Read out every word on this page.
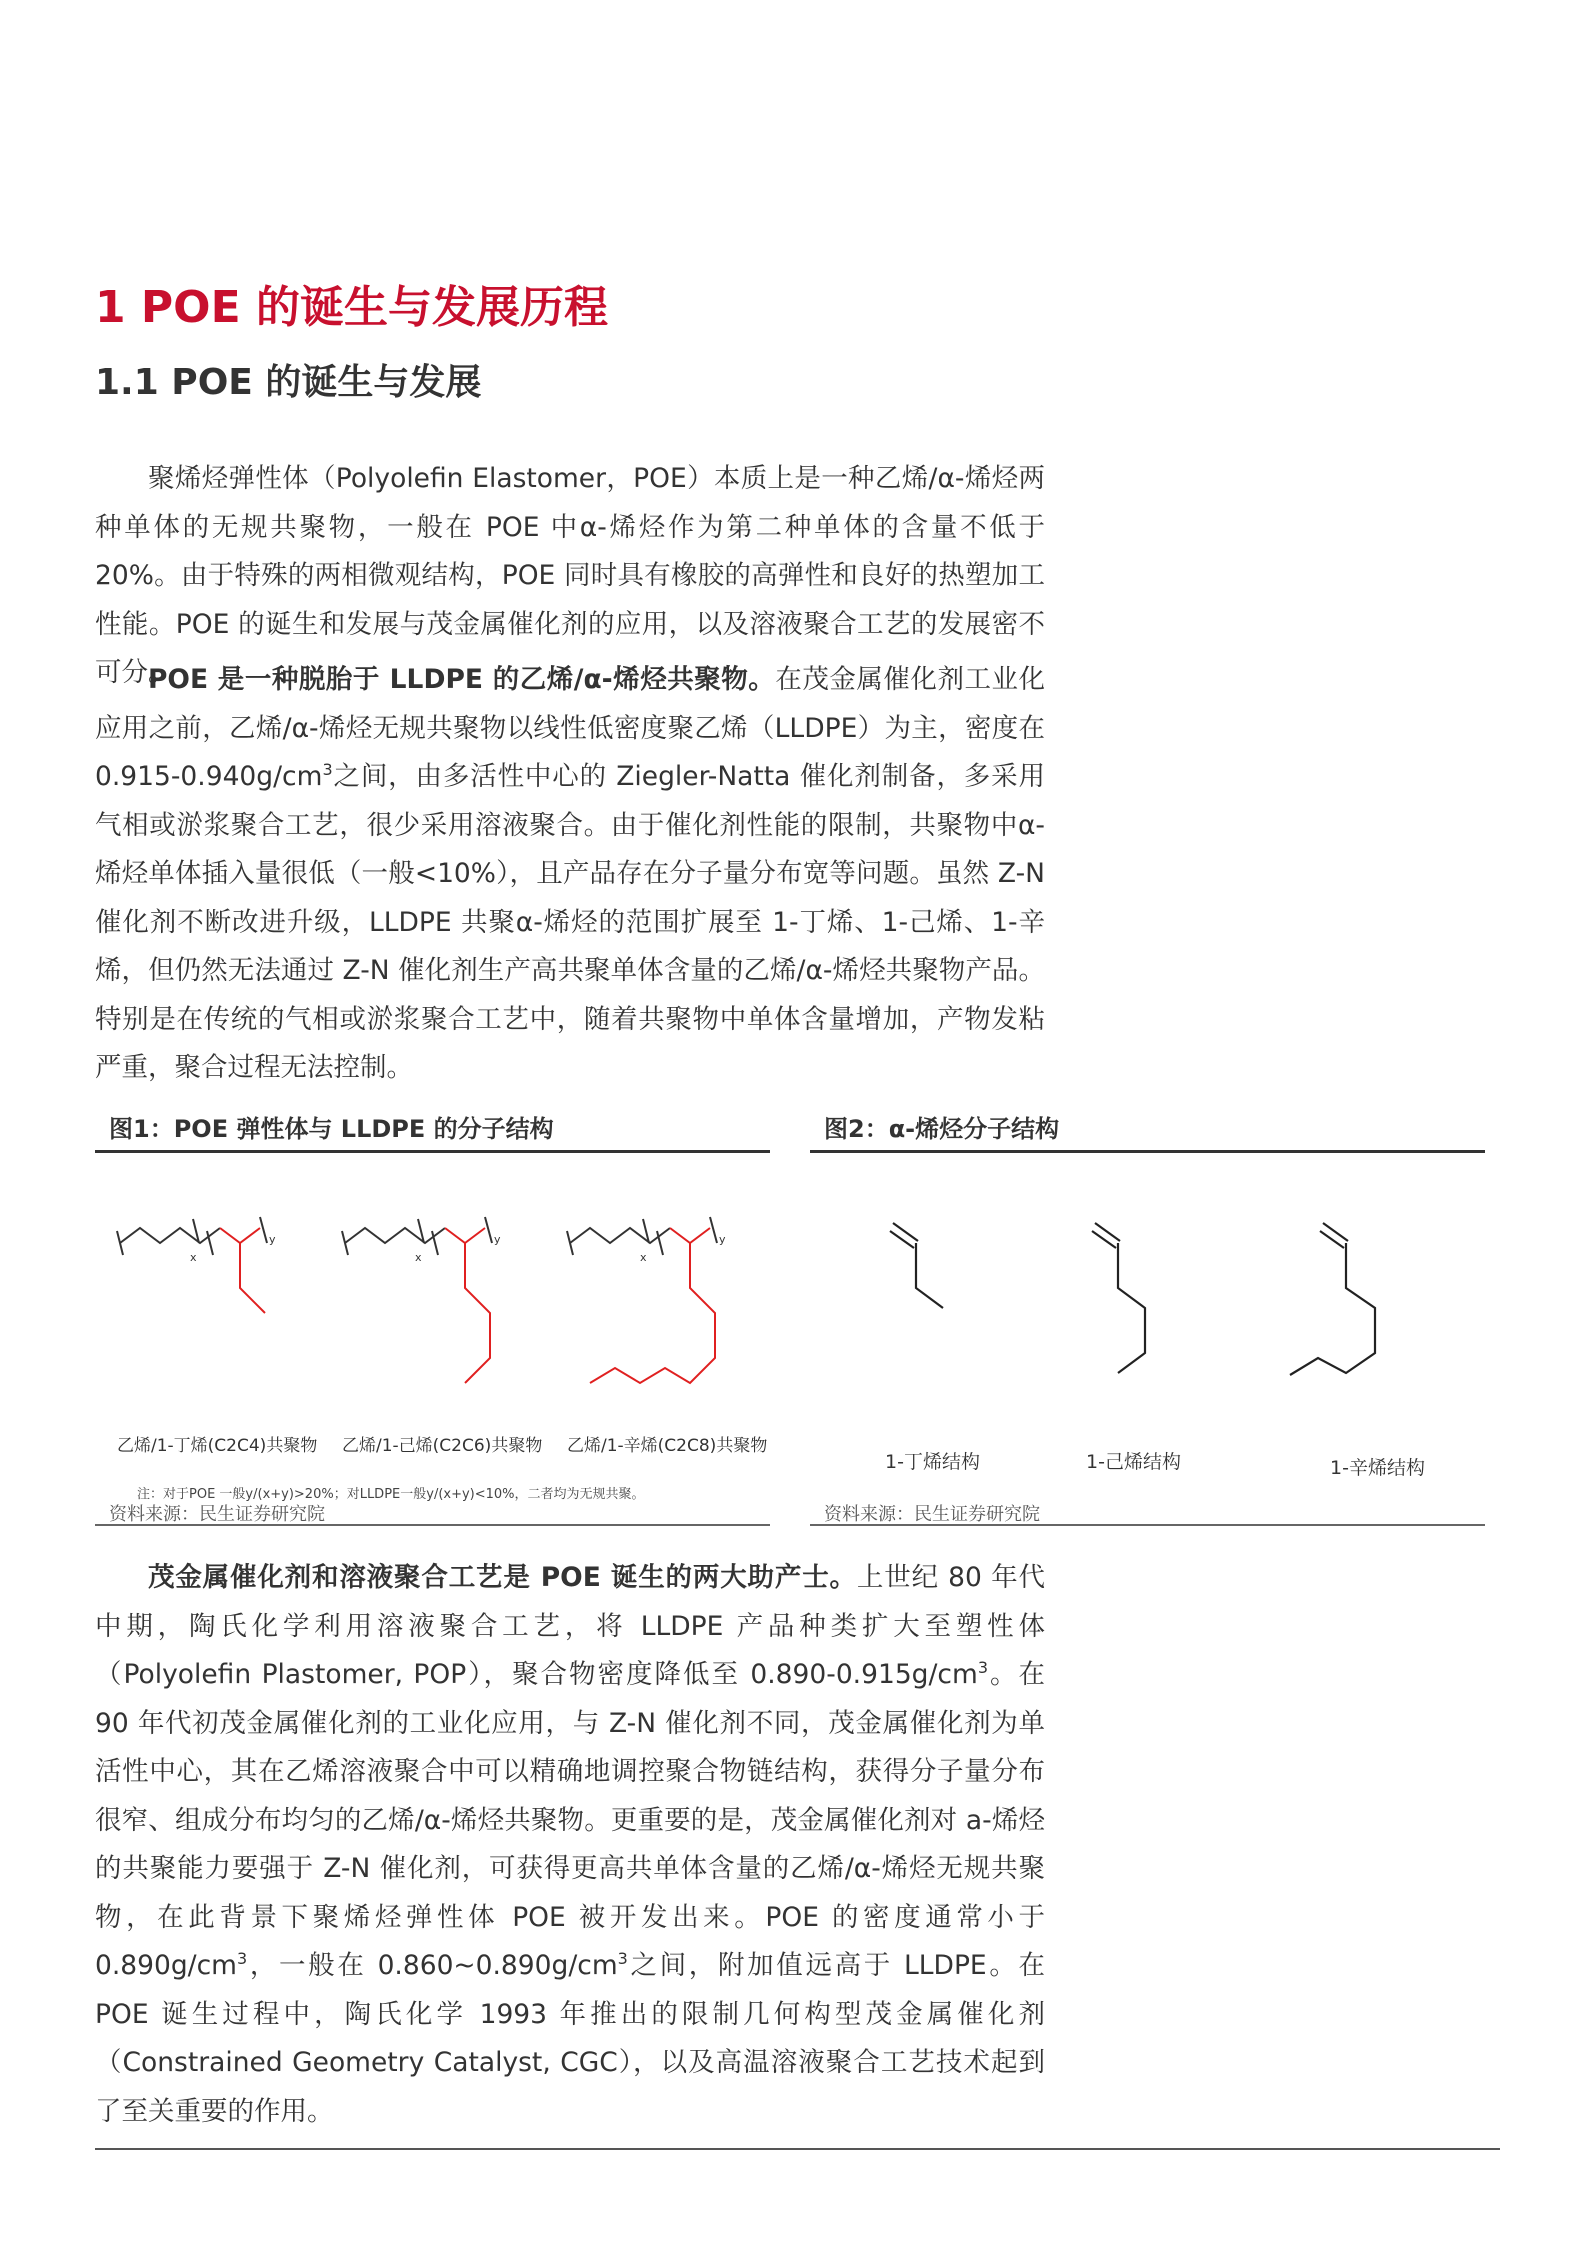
1 POE 的诞生与发展历程
1.1 POE 的诞生与发展
聚烯烃弹性体（Polyolefin Elastomer，POE）本质上是一种乙烯/α-烯烃两种单体的无规共聚物，一般在 POE 中α-烯烃作为第二种单体的含量不低于 20%。由于特殊的两相微观结构，POE 同时具有橡胶的高弹性和良好的热塑加工性能。POE 的诞生和发展与茂金属催化剂的应用，以及溶液聚合工艺的发展密不可分。
POE 是一种脱胎于 LLDPE 的乙烯/α-烯烃共聚物。在茂金属催化剂工业化应用之前，乙烯/α-烯烃无规共聚物以线性低密度聚乙烯（LLDPE）为主，密度在 $0.915-0.940g/cm^3$之间，由多活性中心的 Ziegler-Natta 催化剂制备，多采用气相或淤浆聚合工艺，很少采用溶液聚合。由于催化剂性能的限制，共聚物中α-烯烃单体插入量很低（一般<10%），且产品存在分子量分布宽等问题。虽然 Z-N 催化剂不断改进升级，LLDPE 共聚α-烯烃的范围扩展至 1-丁烯、1-己烯、1-辛烯，但仍然无法通过 Z-N 催化剂生产高共聚单体含量的乙烯/α-烯烃共聚物产品。特别是在传统的气相或淤浆聚合工艺中，随着共聚物中单体含量增加，产物发粘严重，聚合过程无法控制。
图1：POE 弹性体与 LLDPE 的分子结构
x
y
x
y
x
y
乙烯/1-丁烯(C2C4)共聚物 乙烯/1-己烯(C2C6)共聚物 乙烯/1-辛烯(C2C8)共聚物
注：对于POE 一般y/(x+y)>20%；对LLDPE一般y/(x+y)<10%，二者均为无规共聚。
资料来源：民生证券研究院
图2：α-烯烃分子结构
1-丁烯结构	1-己烯结构	1-辛烯结构
资料来源：民生证券研究院
茂金属催化剂和溶液聚合工艺是 POE 诞生的两大助产士。上世纪 80 年代中期，陶氏化学利用溶液聚合工艺，将 LLDPE 产品种类扩大至塑性体（Polyolefin Plastomer, POP），聚合物密度降低至 $0.890-0.915g/cm^3$。在 90 年代初茂金属催化剂的工业化应用，与 Z-N 催化剂不同，茂金属催化剂为单活性中心，其在乙烯溶液聚合中可以精确地调控聚合物链结构，获得分子量分布很窄、组成分布均匀的乙烯/α-烯烃共聚物。更重要的是，茂金属催化剂对 a-烯烃的共聚能力要强于 Z-N 催化剂，可获得更高共单体含量的乙烯/α-烯烃无规共聚物，在此背景下聚烯烃弹性体 POE 被开发出来。POE 的密度通常小于 $0.890g/cm^3$，一般在 $0.860\sim 0.890g/cm^3$之间，附加值远高于 LLDPE。在 POE 诞生过程中，陶氏化学 1993 年推出的限制几何构型茂金属催化剂（Constrained Geometry Catalyst, CGC），以及高温溶液聚合工艺技术起到了至关重要的作用。
